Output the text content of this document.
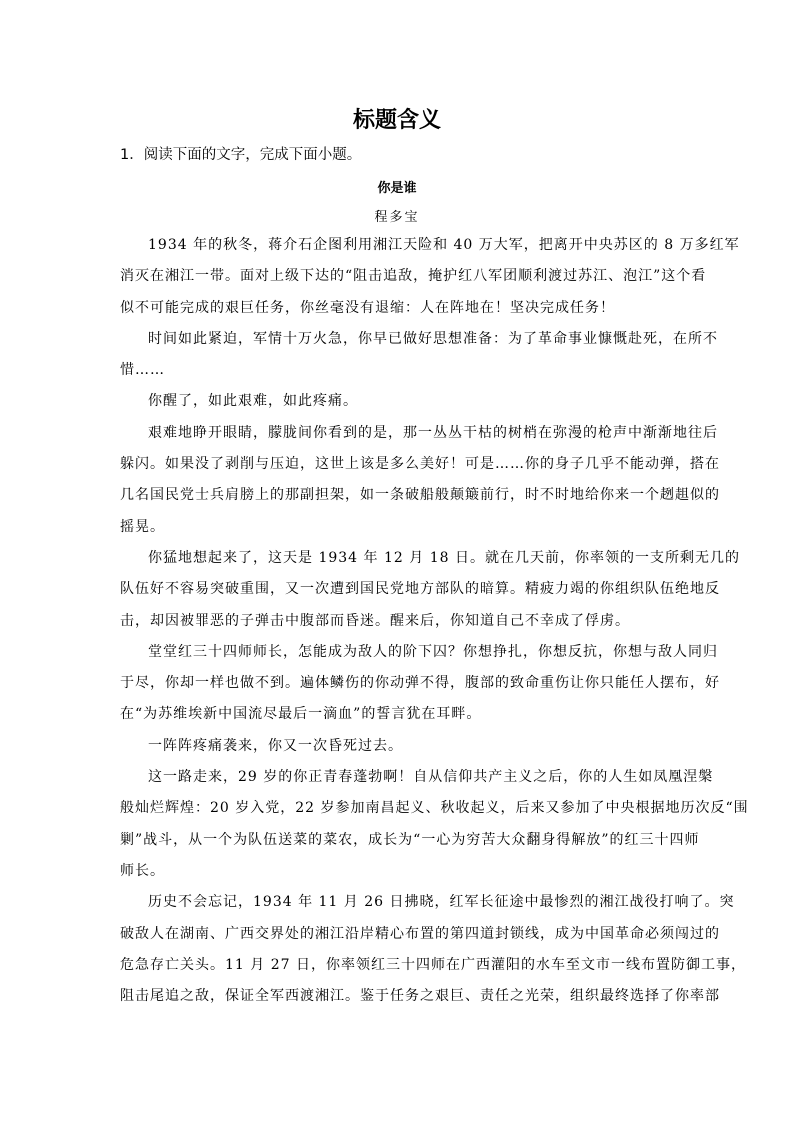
标题含义
1．阅读下面的文字，完成下面小题。
你是谁
程多宝
1934 年的秋冬，蒋介石企图利用湘江天险和 40 万大军，把离开中央苏区的 8 万多红军
消灭在湘江一带。面对上级下达的“阻击追敌，掩护红八军团顺利渡过苏江、泡江”这个看
似不可能完成的艰巨任务，你丝毫没有退缩：人在阵地在！坚决完成任务！
时间如此紧迫，军情十万火急，你早已做好思想准备：为了革命事业慷慨赴死，在所不
惜……
你醒了，如此艰难，如此疼痛。
艰难地睁开眼睛，朦胧间你看到的是，那一丛丛干枯的树梢在弥漫的枪声中渐渐地往后
躲闪。如果没了剥削与压迫，这世上该是多么美好！可是……你的身子几乎不能动弹，搭在
几名国民党士兵肩膀上的那副担架，如一条破船般颠簸前行，时不时地给你来一个趔趄似的
摇晃。
你猛地想起来了，这天是 1934 年 12 月 18 日。就在几天前，你率领的一支所剩无几的
队伍好不容易突破重围，又一次遭到国民党地方部队的暗算。精疲力竭的你组织队伍绝地反
击，却因被罪恶的子弹击中腹部而昏迷。醒来后，你知道自己不幸成了俘虏。
堂堂红三十四师师长，怎能成为敌人的阶下囚？你想挣扎，你想反抗，你想与敌人同归
于尽，你却一样也做不到。遍体鳞伤的你动弹不得，腹部的致命重伤让你只能任人摆布，好
在“为苏维埃新中国流尽最后一滴血”的誓言犹在耳畔。
一阵阵疼痛袭来，你又一次昏死过去。
这一路走来，29 岁的你正青春蓬勃啊！自从信仰共产主义之后，你的人生如凤凰涅槃
般灿烂辉煌：20 岁入党，22 岁参加南昌起义、秋收起义，后来又参加了中央根据地历次反“围
剿”战斗，从一个为队伍送菜的菜农，成长为“一心为穷苦大众翻身得解放”的红三十四师
师长。
历史不会忘记，1934 年 11 月 26 日拂晓，红军长征途中最惨烈的湘江战役打响了。突
破敌人在湖南、广西交界处的湘江沿岸精心布置的第四道封锁线，成为中国革命必须闯过的
危急存亡关头。11 月 27 日，你率领红三十四师在广西灌阳的水车至文市一线布置防御工事，
阻击尾追之敌，保证全军西渡湘江。鉴于任务之艰巨、责任之光荣，组织最终选择了你率部
